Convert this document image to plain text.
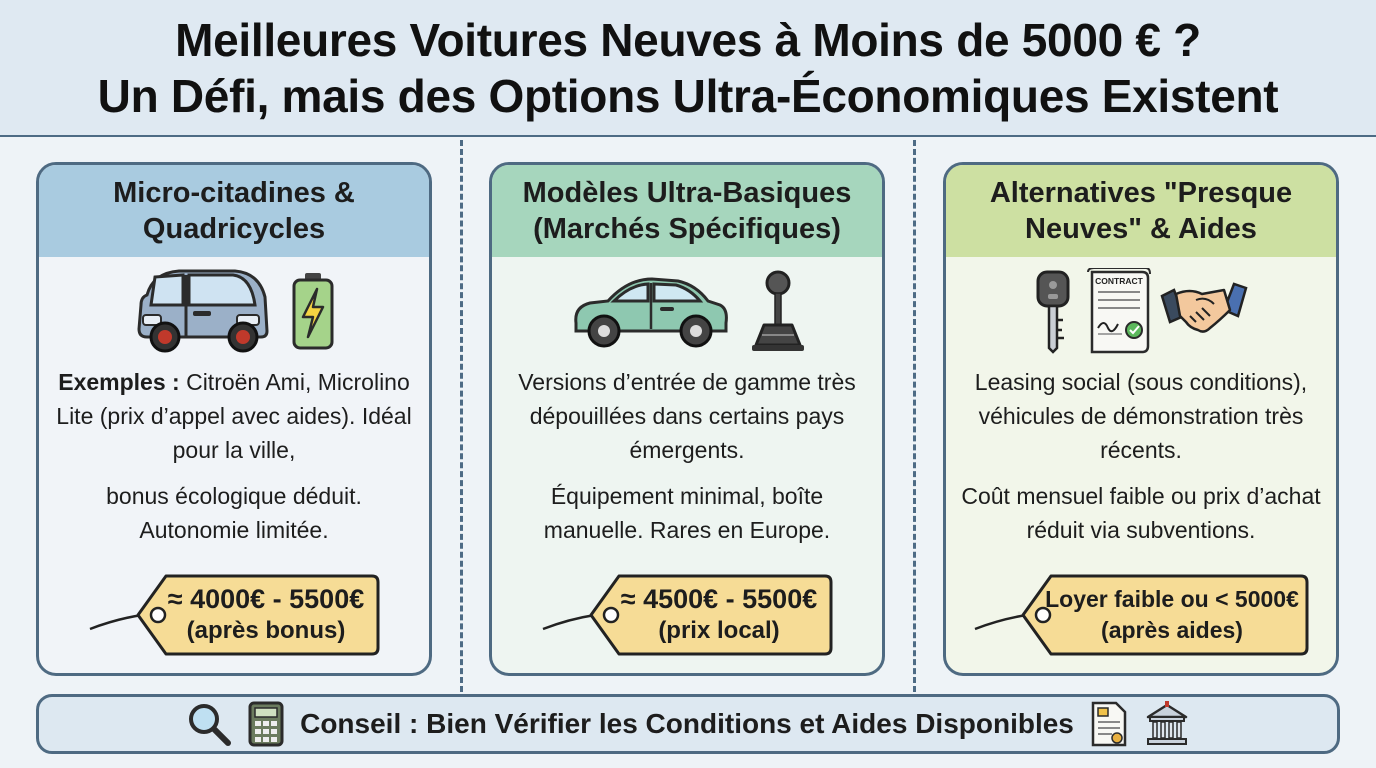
Meilleures Voitures Neuves à Moins de 5000 € ?
Un Défi, mais des Options Ultra-Économiques Existent
Micro-citadines &
Quadricycles

Exemples : Citroën Ami, Microlino Lite (prix d’appel avec aides). Idéal pour la ville,

bonus écologique déduit. Autonomie limitée.

≈ 4000€ - 5500€
(après bonus)
Modèles Ultra-Basiques
(Marchés Spécifiques)

Versions d’entrée de gamme très dépouillées dans certains pays émergents.

Équipement minimal, boîte manuelle. Rares en Europe.

≈ 4500€ - 5500€
(prix local)
Alternatives "Presque
Neuves" & Aides
CONTRACT

Leasing social (sous conditions), véhicules de démonstration très récents.

Coût mensuel faible ou prix d’achat réduit via subventions.

Loyer faible ou < 5000€
(après aides)
Conseil : Bien Vérifier les Conditions et Aides Disponibles
